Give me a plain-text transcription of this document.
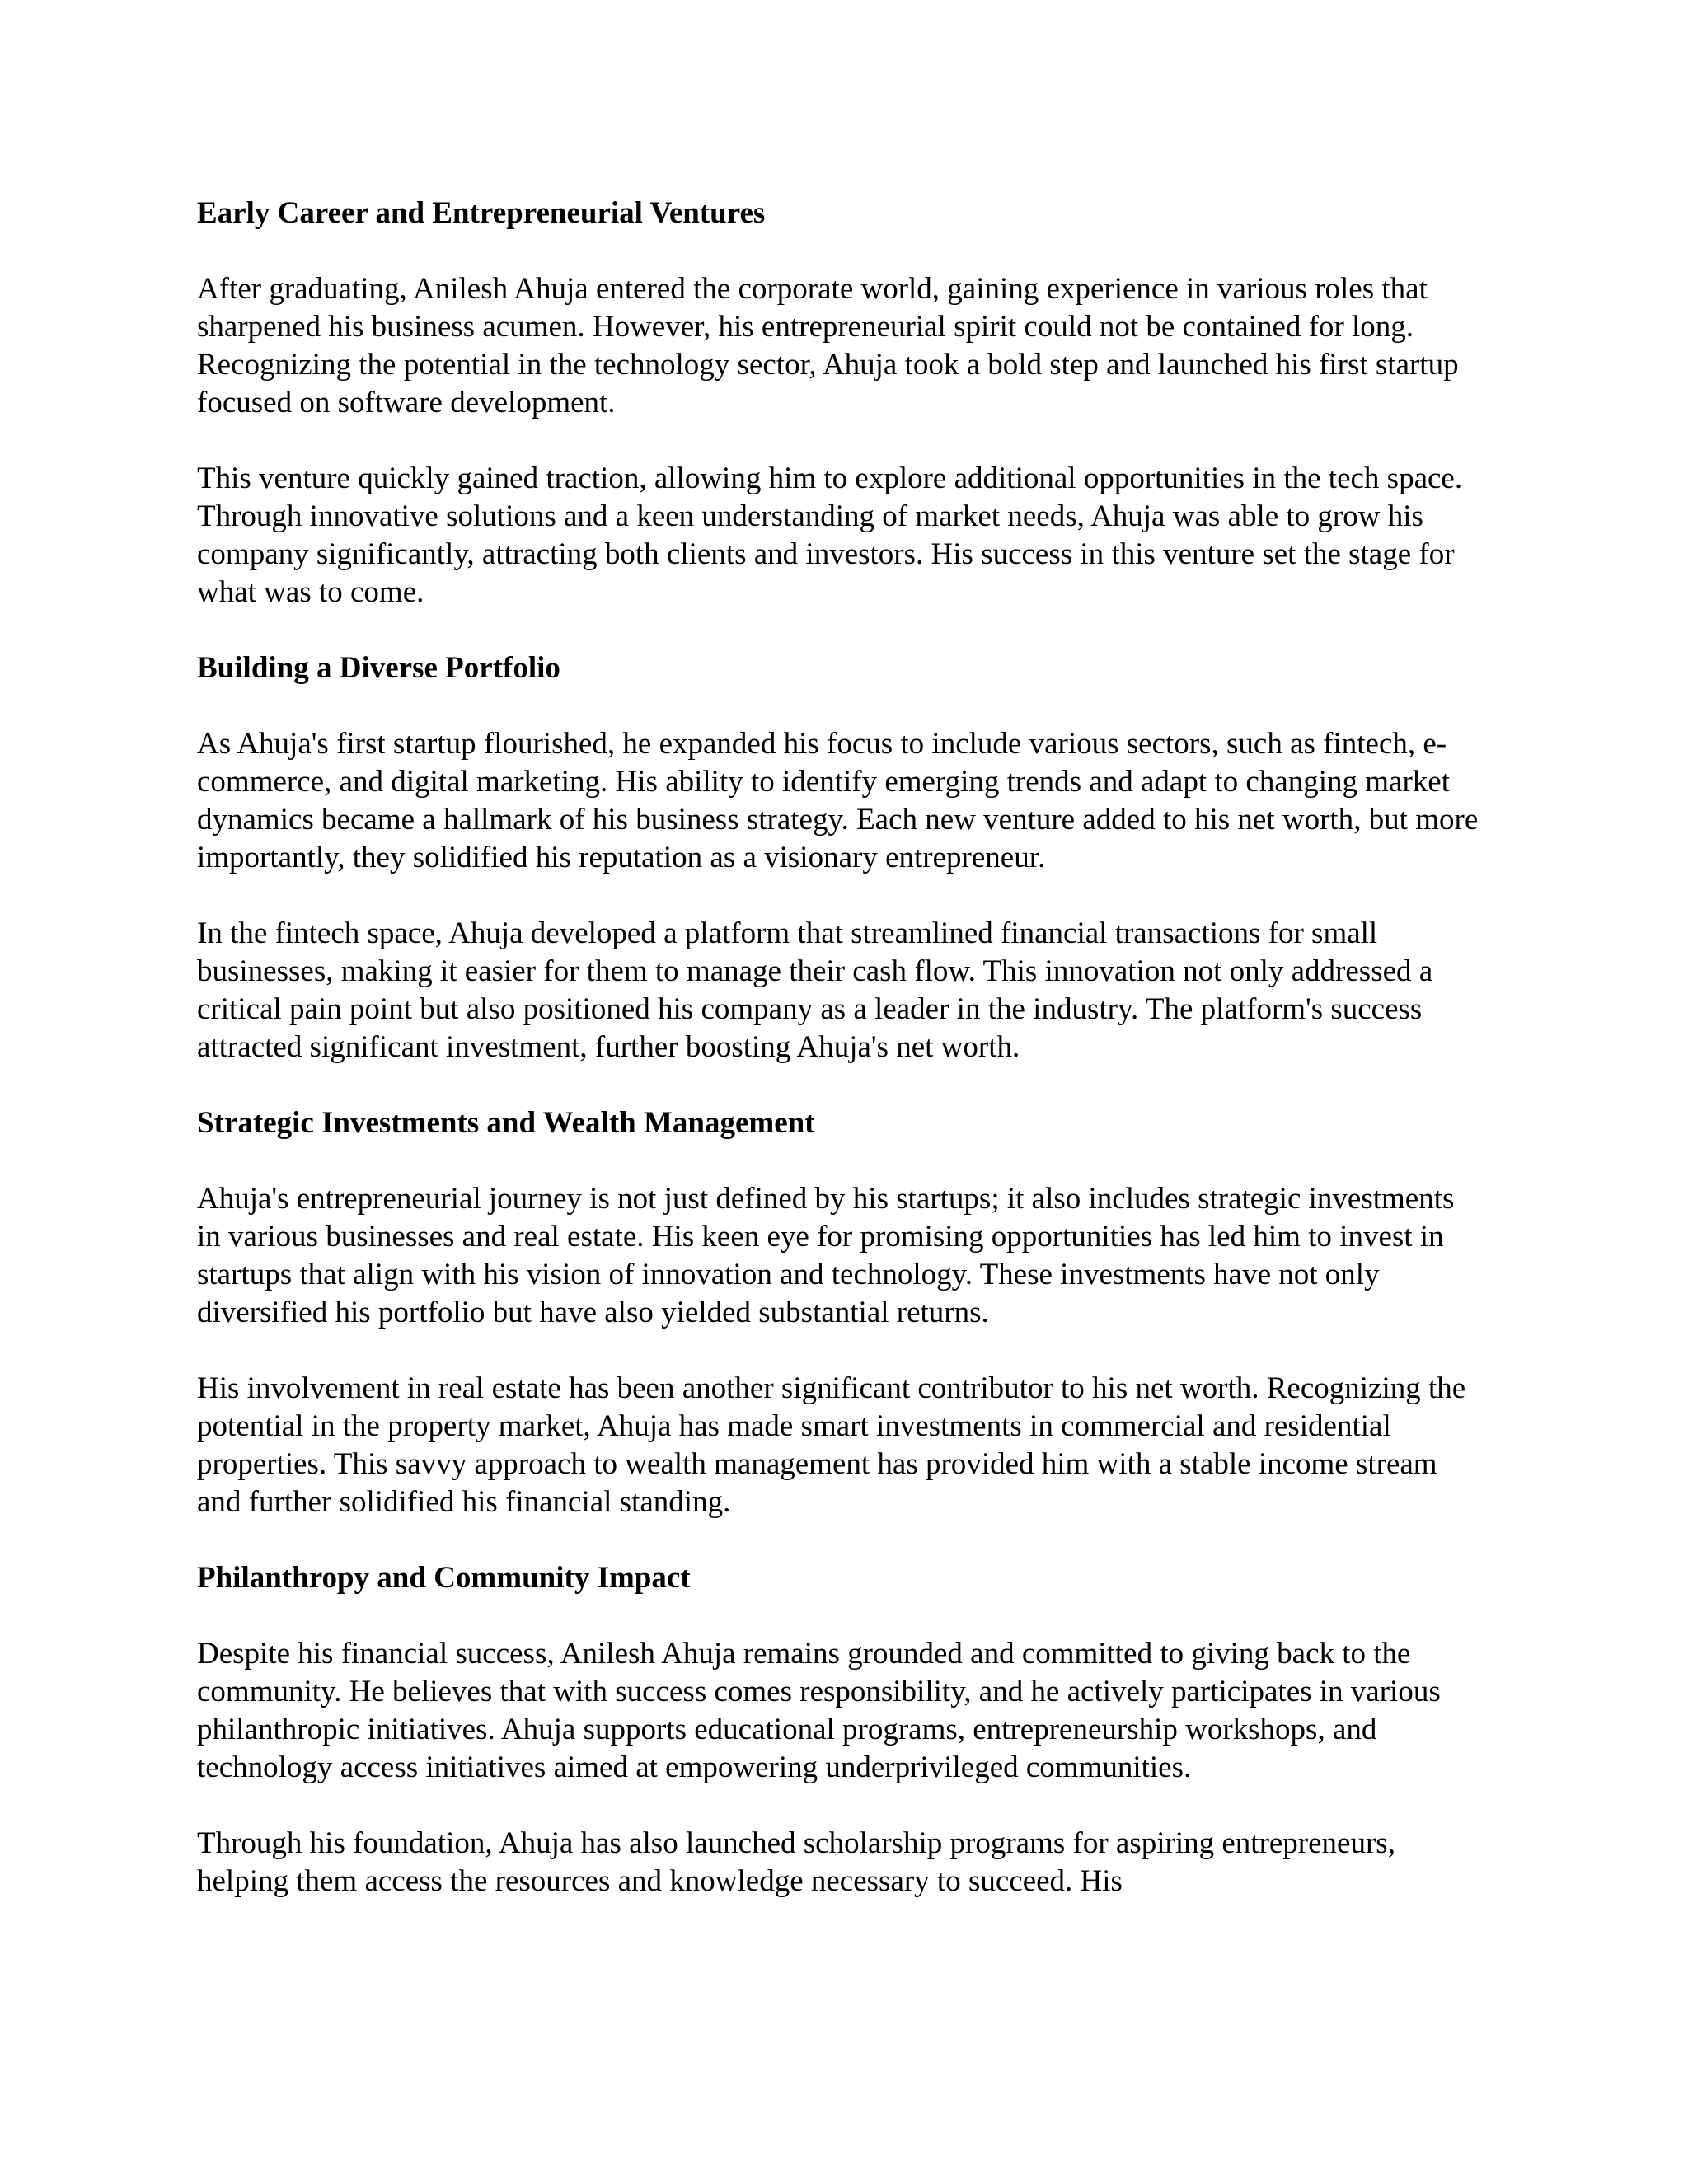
Early Career and Entrepreneurial Ventures

After graduating, Anilesh Ahuja entered the corporate world, gaining experience in various roles that sharpened his business acumen. However, his entrepreneurial spirit could not be contained for long. Recognizing the potential in the technology sector, Ahuja took a bold step and launched his first startup focused on software development.

This venture quickly gained traction, allowing him to explore additional opportunities in the tech space. Through innovative solutions and a keen understanding of market needs, Ahuja was able to grow his company significantly, attracting both clients and investors. His success in this venture set the stage for what was to come.

Building a Diverse Portfolio

As Ahuja's first startup flourished, he expanded his focus to include various sectors, such as fintech, e-commerce, and digital marketing. His ability to identify emerging trends and adapt to changing market dynamics became a hallmark of his business strategy. Each new venture added to his net worth, but more importantly, they solidified his reputation as a visionary entrepreneur.

In the fintech space, Ahuja developed a platform that streamlined financial transactions for small businesses, making it easier for them to manage their cash flow. This innovation not only addressed a critical pain point but also positioned his company as a leader in the industry. The platform's success attracted significant investment, further boosting Ahuja's net worth.

Strategic Investments and Wealth Management

Ahuja's entrepreneurial journey is not just defined by his startups; it also includes strategic investments in various businesses and real estate. His keen eye for promising opportunities has led him to invest in startups that align with his vision of innovation and technology. These investments have not only diversified his portfolio but have also yielded substantial returns.

His involvement in real estate has been another significant contributor to his net worth. Recognizing the potential in the property market, Ahuja has made smart investments in commercial and residential properties. This savvy approach to wealth management has provided him with a stable income stream and further solidified his financial standing.

Philanthropy and Community Impact

Despite his financial success, Anilesh Ahuja remains grounded and committed to giving back to the community. He believes that with success comes responsibility, and he actively participates in various philanthropic initiatives. Ahuja supports educational programs, entrepreneurship workshops, and technology access initiatives aimed at empowering underprivileged communities.

Through his foundation, Ahuja has also launched scholarship programs for aspiring entrepreneurs, helping them access the resources and knowledge necessary to succeed. His
